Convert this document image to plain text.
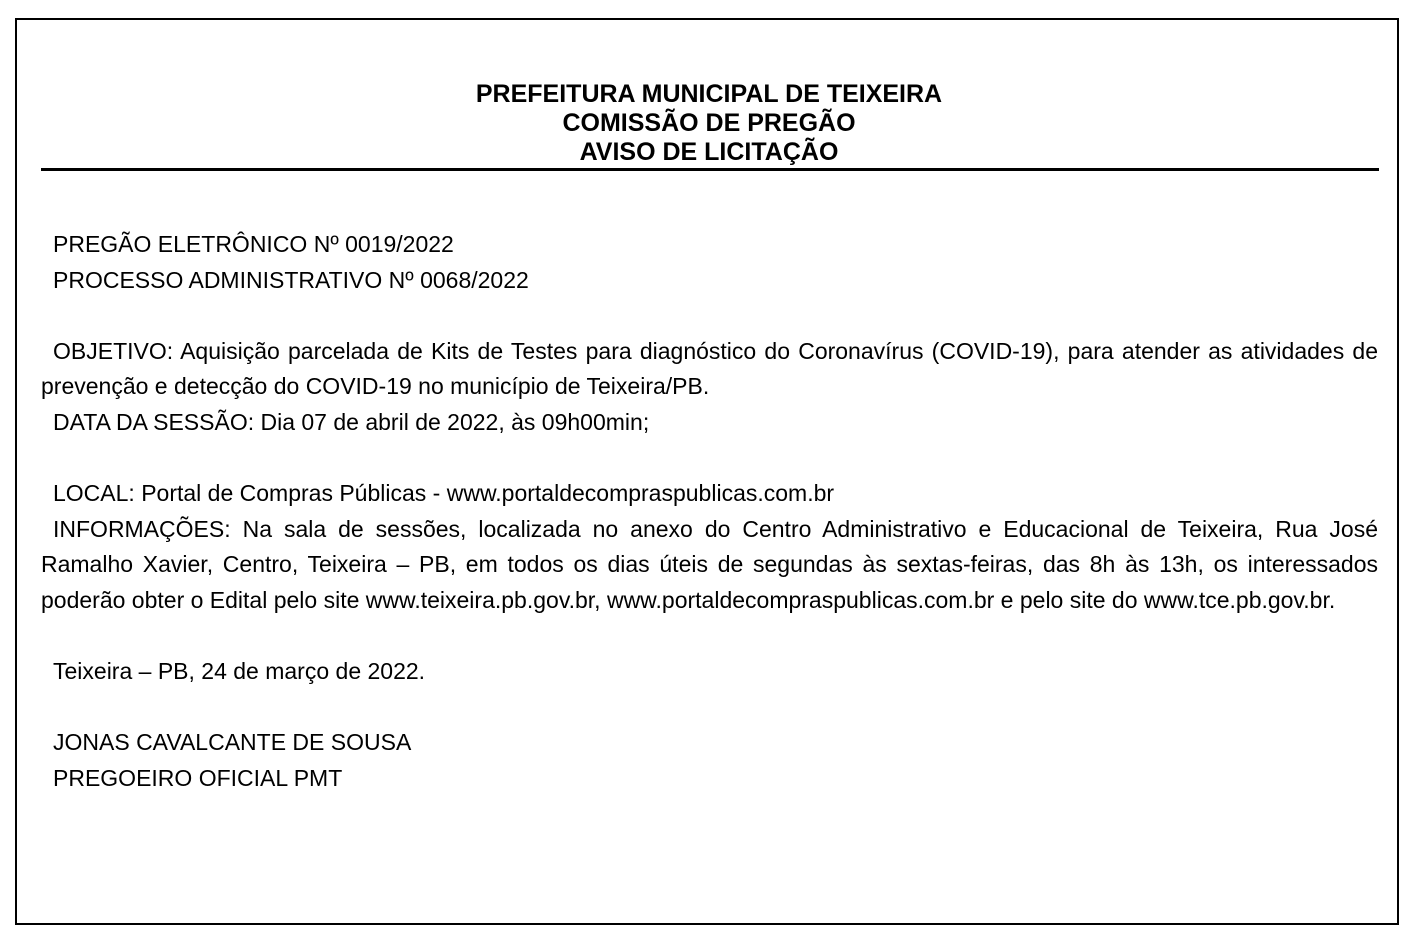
PREFEITURA MUNICIPAL DE TEIXEIRA
COMISSÃO DE PREGÃO
AVISO DE LICITAÇÃO
PREGÃO ELETRÔNICO Nº 0019/2022
PROCESSO ADMINISTRATIVO Nº 0068/2022

OBJETIVO: Aquisição parcelada de Kits de Testes para diagnóstico do Coronavírus (COVID-19), para atender as atividades de prevenção e detecção do COVID-19 no município de Teixeira/PB.

DATA DA SESSÃO: Dia 07 de abril de 2022, às 09h00min;
LOCAL: Portal de Compras Públicas - www.portaldecompraspublicas.com.br

INFORMAÇÕES: Na sala de sessões, localizada no anexo do Centro Administrativo e Educacional de Teixeira, Rua José Ramalho Xavier, Centro, Teixeira – PB, em todos os dias úteis de segundas às sextas-feiras, das 8h às 13h, os interessados poderão obter o Edital pelo site www.teixeira.pb.gov.br, www.portaldecompraspublicas.com.br e pelo site do www.tce.pb.gov.br.

Teixeira – PB, 24 de março de 2022.
JONAS CAVALCANTE DE SOUSA
PREGOEIRO OFICIAL PMT
